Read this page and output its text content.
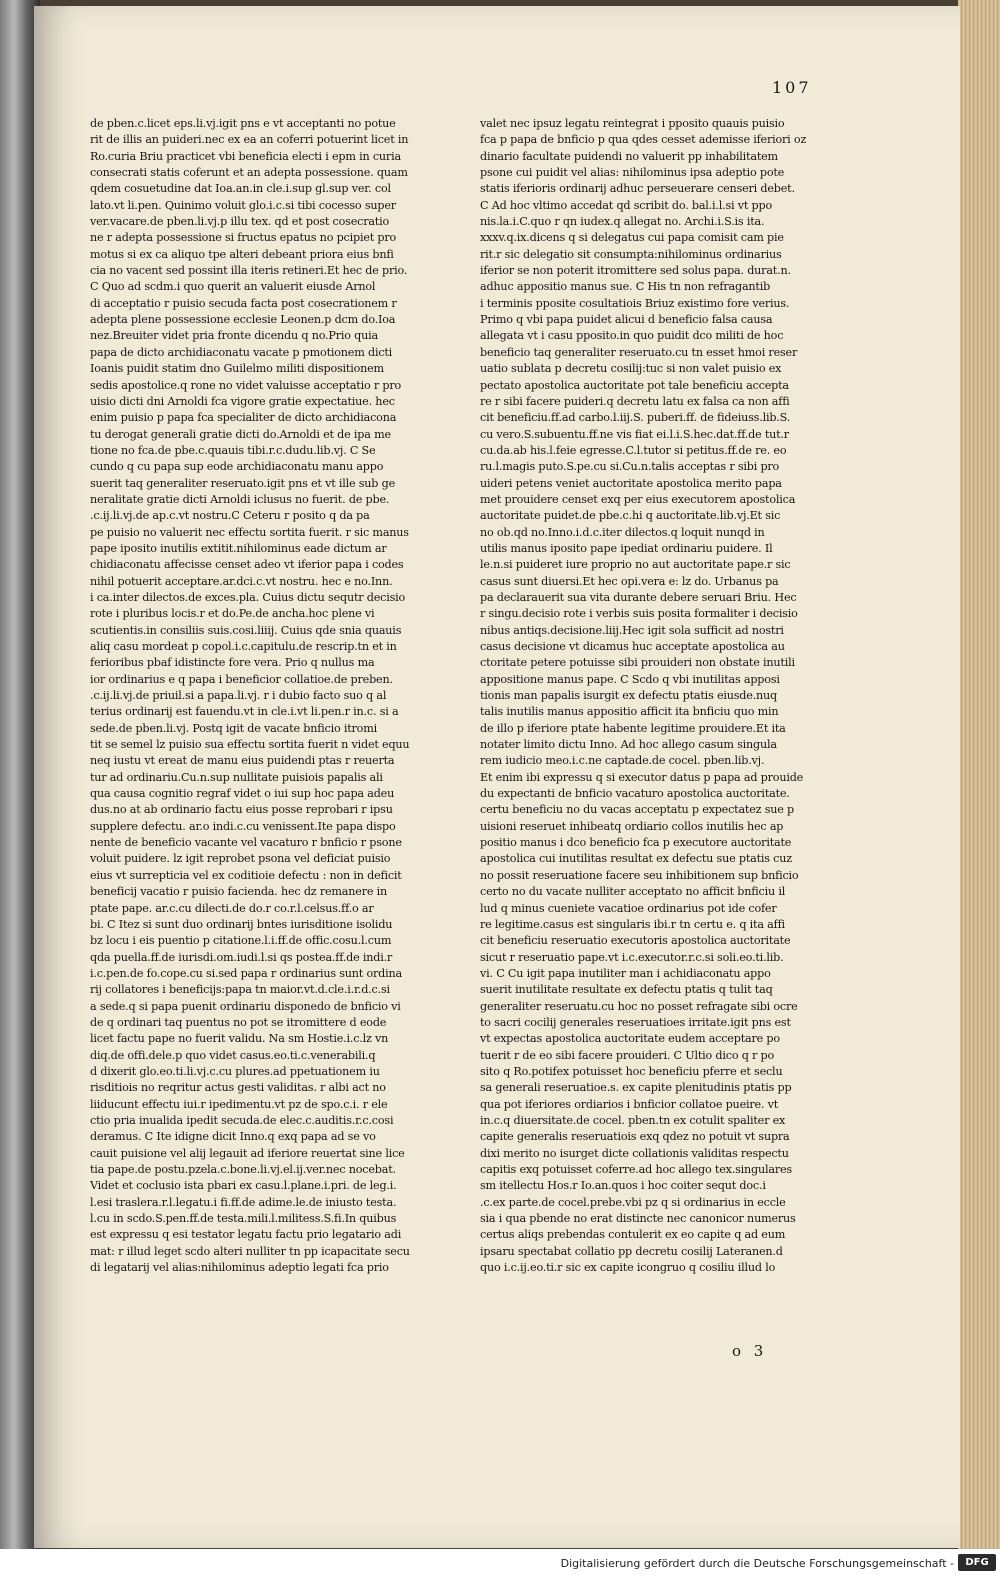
107
de pben.c.licet eps.li.vj.igit pns e vt acceptanti no potue
rit de illis an puideri.nec ex ea an coferri potuerint licet in
Ro.curia Briu practicet vbi beneficia electi i epm in curia
consecrati statis coferunt et an adepta possessione. quam
qdem cosuetudine dat Ioa.an.in cle.i.sup gl.sup ver. col
lato.vt li.pen. Quinimo voluit glo.i.c.si tibi cocesso super
ver.vacare.de pben.li.vj.p illu tex. qd et post cosecratio
ne r adepta possessione si fructus epatus no pcipiet pro
motus si ex ca aliquo tpe alteri debeant priora eius bnfi
cia no vacent sed possint illa iteris retineri.Et hec de prio.
C Quo ad scdm.i quo querit an valuerit eiusde Arnol
di acceptatio r puisio secuda facta post cosecrationem r
adepta plene possessione ecclesie Leonen.p dcm do.Ioa
nez.Breuiter videt pria fronte dicendu q no.Prio quia
papa de dicto archidiaconatu vacate p pmotionem dicti
Ioanis puidit statim dno Guilelmo militi dispositionem
sedis apostolice.q rone no videt valuisse acceptatio r pro
uisio dicti dni Arnoldi fca vigore gratie expectatiue. hec
enim puisio p papa fca specialiter de dicto archidiacona
tu derogat generali gratie dicti do.Arnoldi et de ipa me
tione no fca.de pbe.c.quauis tibi.r.c.dudu.lib.vj. C Se
cundo q cu papa sup eode archidiaconatu manu appo
suerit taq generaliter reseruato.igit pns et vt ille sub ge
neralitate gratie dicti Arnoldi iclusus no fuerit. de pbe.
.c.ij.li.vj.de ap.c.vt nostru.C Ceteru r posito q da pa
pe puisio no valuerit nec effectu sortita fuerit. r sic manus
pape iposito inutilis extitit.nihilominus eade dictum ar
chidiaconatu affecisse censet adeo vt iferior papa i codes
nihil potuerit acceptare.ar.dci.c.vt nostru. hec e no.Inn.
i ca.inter dilectos.de exces.pla. Cuius dictu sequtr decisio
rote i pluribus locis.r et do.Pe.de ancha.hoc plene vi
scutientis.in consiliis suis.cosi.liiij. Cuius qde snia quauis
aliq casu mordeat p copol.i.c.capitulu.de rescrip.tn et in
ferioribus pbaf idistincte fore vera. Prio q nullus ma
ior ordinarius e q papa i beneficior collatioe.de preben.
.c.ij.li.vj.de priuil.si a papa.li.vj. r i dubio facto suo q al
terius ordinarij est fauendu.vt in cle.i.vt li.pen.r in.c. si a
sede.de pben.li.vj. Postq igit de vacate bnficio itromi
tit se semel lz puisio sua effectu sortita fuerit n videt equu
neq iustu vt ereat de manu eius puidendi ptas r reuerta
tur ad ordinariu.Cu.n.sup nullitate puisiois papalis ali
qua causa cognitio regraf videt o iui sup hoc papa adeu
dus.no at ab ordinario factu eius posse reprobari r ipsu
supplere defectu. ar.o indi.c.cu venissent.Ite papa dispo
nente de beneficio vacante vel vacaturo r bnficio r psone
voluit puidere. lz igit reprobet psona vel deficiat puisio
eius vt surrepticia vel ex coditioie defectu : non in deficit
beneficij vacatio r puisio facienda. hec dz remanere in
ptate pape. ar.c.cu dilecti.de do.r co.r.l.celsus.ff.o ar
bi. C Itez si sunt duo ordinarij bntes iurisditione isolidu
bz locu i eis puentio p citatione.l.i.ff.de offic.cosu.l.cum
qda puella.ff.de iurisdi.om.iudi.l.si qs postea.ff.de indi.r
i.c.pen.de fo.cope.cu si.sed papa r ordinarius sunt ordina
rij collatores i beneficijs:papa tn maior.vt.d.cle.i.r.d.c.si
a sede.q si papa puenit ordinariu disponedo de bnficio vi
de q ordinari taq puentus no pot se itromittere d eode
licet factu pape no fuerit validu. Na sm Hostie.i.c.lz vn
diq.de offi.dele.p quo videt casus.eo.ti.c.venerabili.q
d dixerit glo.eo.ti.li.vj.c.cu plures.ad ppetuationem iu
risditiois no reqritur actus gesti validitas. r albi act no
liiducunt effectu iui.r ipedimentu.vt pz de spo.c.i. r ele
ctio pria inualida ipedit secuda.de elec.c.auditis.r.c.cosi
deramus. C Ite idigne dicit Inno.q exq papa ad se vo
cauit puisione vel alij legauit ad iferiore reuertat sine lice
tia pape.de postu.pzela.c.bone.li.vj.el.ij.ver.nec nocebat.
Videt et coclusio ista pbari ex casu.l.plane.i.pri. de leg.i.
l.esi traslera.r.l.legatu.i fi.ff.de adime.le.de iniusto testa.
l.cu in scdo.S.pen.ff.de testa.mili.l.militess.S.fi.In quibus
est expressu q esi testator legatu factu prio legatario adi
mat: r illud leget scdo alteri nulliter tn pp icapacitate secu
di legatarij vel alias:nihilominus adeptio legati fca prio
valet nec ipsuz legatu reintegrat i pposito quauis puisio
fca p papa de bnficio p qua qdes cesset ademisse iferiori oz
dinario facultate puidendi no valuerit pp inhabilitatem
psone cui puidit vel alias: nihilominus ipsa adeptio pote
statis iferioris ordinarij adhuc perseuerare censeri debet.
C Ad hoc vltimo accedat qd scribit do. bal.i.l.si vt ppo
nis.la.i.C.quo r qn iudex.q allegat no. Archi.i.S.is ita.
xxxv.q.ix.dicens q si delegatus cui papa comisit cam pie
rit.r sic delegatio sit consumpta:nihilominus ordinarius
iferior se non poterit itromittere sed solus papa. durat.n.
adhuc appositio manus sue. C His tn non refragantib
i terminis pposite cosultatiois Briuz existimo fore verius.
Primo q vbi papa puidet alicui d beneficio falsa causa
allegata vt i casu pposito.in quo puidit dco militi de hoc
beneficio taq generaliter reseruato.cu tn esset hmoi reser
uatio sublata p decretu cosilij:tuc si non valet puisio ex
pectato apostolica auctoritate pot tale beneficiu accepta
re r sibi facere puideri.q decretu latu ex falsa ca non affi
cit beneficiu.ff.ad carbo.l.iij.S. puberi.ff. de fideiuss.lib.S.
cu vero.S.subuentu.ff.ne vis fiat ei.l.i.S.hec.dat.ff.de tut.r
cu.da.ab his.l.feie egresse.C.l.tutor si petitus.ff.de re. eo
ru.l.magis puto.S.pe.cu si.Cu.n.talis acceptas r sibi pro
uideri petens veniet auctoritate apostolica merito papa
met prouidere censet exq per eius executorem apostolica
auctoritate puidet.de pbe.c.hi q auctoritate.lib.vj.Et sic
no ob.qd no.Inno.i.d.c.iter dilectos.q loquit nunqd in
utilis manus iposito pape ipediat ordinariu puidere. Il
le.n.si puideret iure proprio no aut auctoritate pape.r sic
casus sunt diuersi.Et hec opi.vera e: lz do. Urbanus pa
pa declarauerit sua vita durante debere seruari Briu. Hec
r singu.decisio rote i verbis suis posita formaliter i decisio
nibus antiqs.decisione.liij.Hec igit sola sufficit ad nostri
casus decisione vt dicamus huc acceptate apostolica au
ctoritate petere potuisse sibi prouideri non obstate inutili
appositione manus pape. C Scdo q vbi inutilitas apposi
tionis man papalis isurgit ex defectu ptatis eiusde.nuq
talis inutilis manus appositio afficit ita bnficiu quo min
de illo p iferiore ptate habente legitime prouidere.Et ita
notater limito dictu Inno. Ad hoc allego casum singula
rem iudicio meo.i.c.ne captade.de cocel. pben.lib.vj.
Et enim ibi expressu q si executor datus p papa ad prouide
du expectanti de bnficio vacaturo apostolica auctoritate.
certu beneficiu no du vacas acceptatu p expectatez sue p
uisioni reseruet inhibeatq ordiario collos inutilis hec ap
positio manus i dco beneficio fca p executore auctoritate
apostolica cui inutilitas resultat ex defectu sue ptatis cuz
no possit reseruatione facere seu inhibitionem sup bnficio
certo no du vacate nulliter acceptato no afficit bnficiu il
lud q minus cueniete vacatioe ordinarius pot ide cofer
re legitime.casus est singularis ibi.r tn certu e. q ita affi
cit beneficiu reseruatio executoris apostolica auctoritate
sicut r reseruatio pape.vt i.c.executor.r.c.si soli.eo.ti.lib.
vi. C Cu igit papa inutiliter man i achidiaconatu appo
suerit inutilitate resultate ex defectu ptatis q tulit taq
generaliter reseruatu.cu hoc no posset refragate sibi ocre
to sacri cocilij generales reseruatioes irritate.igit pns est
vt expectas apostolica auctoritate eudem acceptare po
tuerit r de eo sibi facere prouideri. C Ultio dico q r po
sito q Ro.potifex potuisset hoc beneficiu pferre et seclu
sa generali reseruatioe.s. ex capite plenitudinis ptatis pp
qua pot iferiores ordiarios i bnficior collatoe pueire. vt
in.c.q diuersitate.de cocel. pben.tn ex cotulit spaliter ex
capite generalis reseruatiois exq qdez no potuit vt supra
dixi merito no isurget dicte collationis validitas respectu
capitis exq potuisset coferre.ad hoc allego tex.singulares
sm itellectu Hos.r Io.an.quos i hoc coiter sequt doc.i
.c.ex parte.de cocel.prebe.vbi pz q si ordinarius in eccle
sia i qua pbende no erat distincte nec canonicor numerus
certus aliqs prebendas contulerit ex eo capite q ad eum
ipsaru spectabat collatio pp decretu cosilij Lateranen.d
quo i.c.ij.eo.ti.r sic ex capite icongruo q cosiliu illud lo
o 3
Digitalisierung gefördert durch die Deutsche Forschungsgemeinschaft -	DFG
